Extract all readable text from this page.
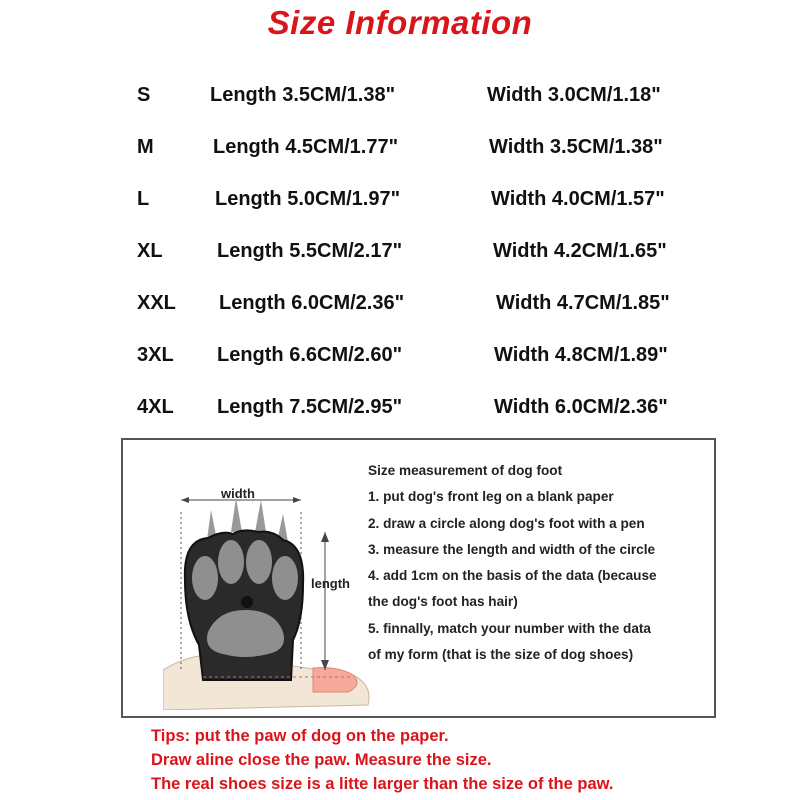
Size Information
S	Length 3.5CM/1.38"	Width 3.0CM/1.18"
M	Length 4.5CM/1.77"	Width 3.5CM/1.38"
L	Length 5.0CM/1.97"	Width 4.0CM/1.57"
XL	Length 5.5CM/2.17"	Width 4.2CM/1.65"
XXL Length 6.0CM/2.36"	Width 4.7CM/1.85"
3XL Length 6.6CM/2.60"	Width 4.8CM/1.89"
4XL Length 7.5CM/2.95"	Width 6.0CM/2.36"
width
length
Size measurement of dog foot
1. put dog's front leg on a blank paper
2. draw a circle along dog's foot with a pen
3. measure the length and width of the circle
4. add 1cm on the basis of the data (because
the dog's foot has hair)
5. finnally, match your number with the data
of my form (that is the size of dog shoes)
Tips: put the paw of dog on the paper.
Draw aline close the paw. Measure the size.
The real shoes size is a litte larger than the size of the paw.
